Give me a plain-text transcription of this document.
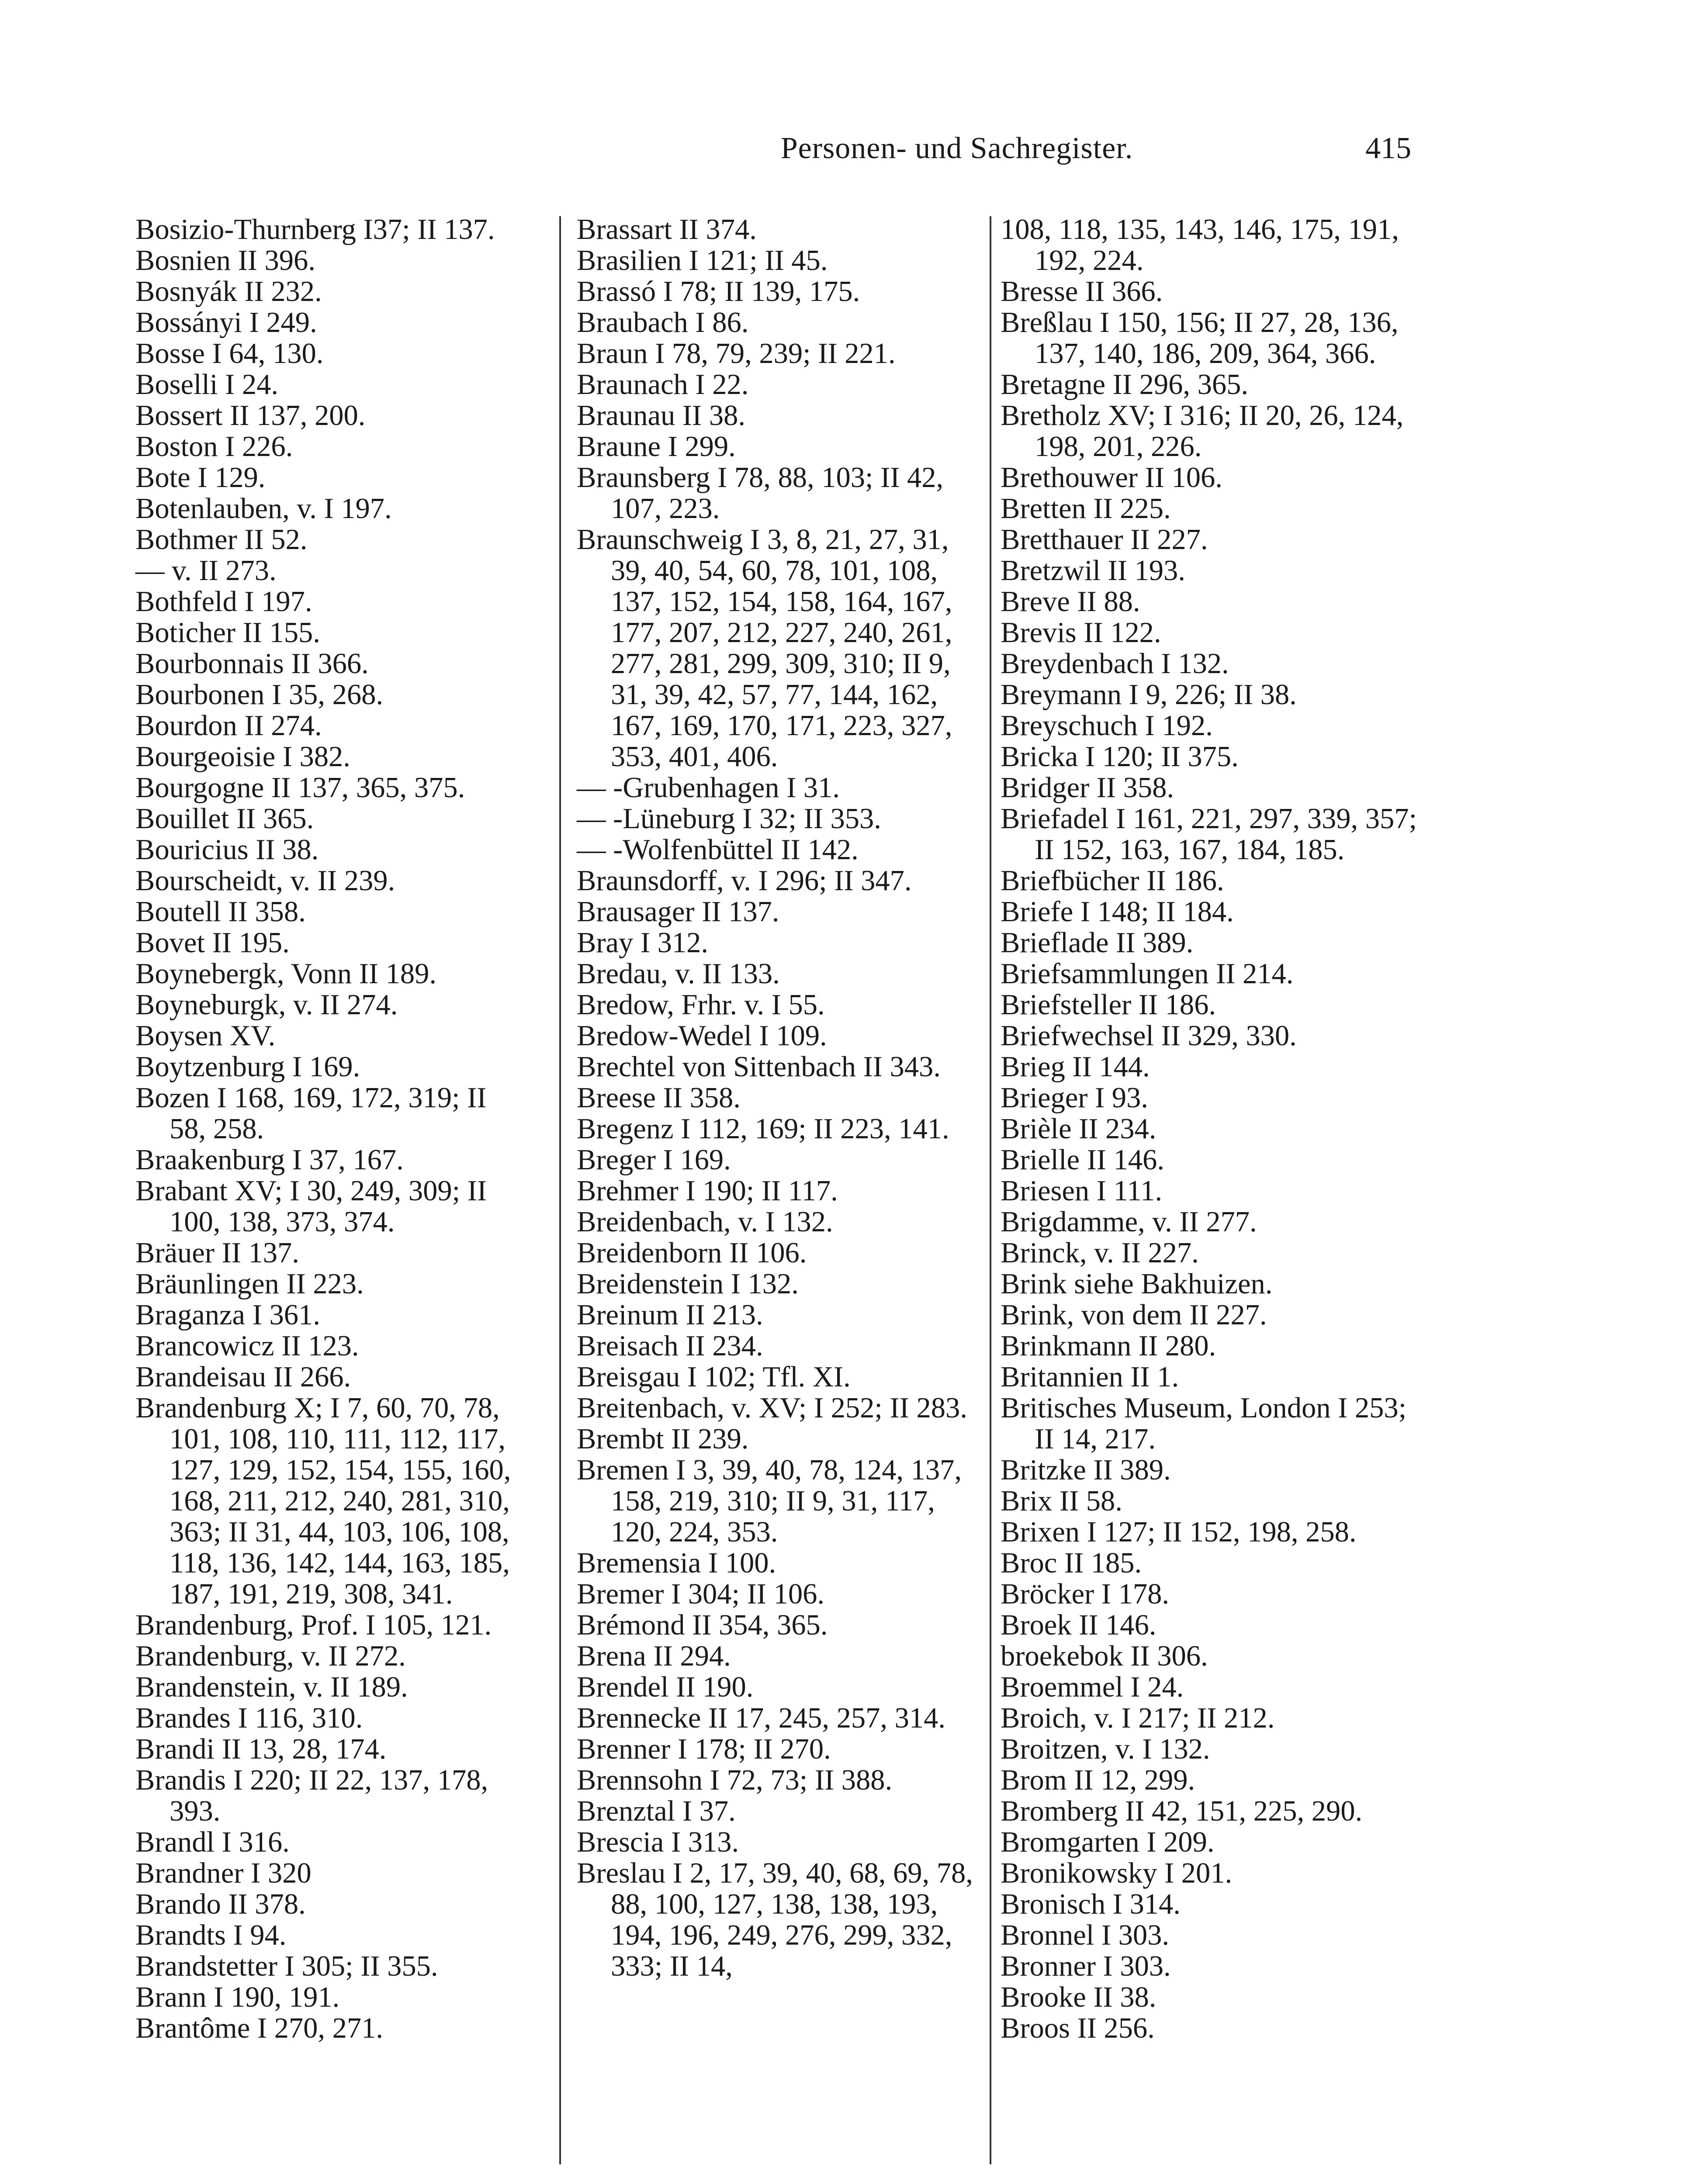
Personen- und Sachregister.	415
Bosizio-Thurnberg I37; II 137.
Bosnien II 396.
Bosnyák II 232.
Bossányi I 249.
Bosse I 64, 130.
Boselli I 24.
Bossert II 137, 200.
Boston I 226.
Bote I 129.
Botenlauben, v. I 197.
Bothmer II 52.
— v. II 273.
Bothfeld I 197.
Boticher II 155.
Bourbonnais II 366.
Bourbonen I 35, 268.
Bourdon II 274.
Bourgeoisie I 382.
Bourgogne II 137, 365, 375.
Bouillet II 365.
Bouricius II 38.
Bourscheidt, v. II 239.
Boutell II 358.
Bovet II 195.
Boynebergk, Vonn II 189.
Boyneburgk, v. II 274.
Boysen XV.
Boytzenburg I 169.
Bozen I 168, 169, 172, 319; II 58, 258.
Braakenburg I 37, 167.
Brabant XV; I 30, 249, 309; II 100, 138, 373, 374.
Bräuer II 137.
Bräunlingen II 223.
Braganza I 361.
Brancowicz II 123.
Brandeisau II 266.
Brandenburg X; I 7, 60, 70, 78, 101, 108, 110, 111, 112, 117, 127, 129, 152, 154, 155, 160, 168, 211, 212, 240, 281, 310, 363; II 31, 44, 103, 106, 108, 118, 136, 142, 144, 163, 185, 187, 191, 219, 308, 341.
Brandenburg, Prof. I 105, 121.
Brandenburg, v. II 272.
Brandenstein, v. II 189.
Brandes I 116, 310.
Brandi II 13, 28, 174.
Brandis I 220; II 22, 137, 178, 393.
Brandl I 316.
Brandner I 320
Brando II 378.
Brandts I 94.
Brandstetter I 305; II 355.
Brann I 190, 191.
Brantôme I 270, 271.
Brassart II 374.
Brasilien I 121; II 45.
Brassó I 78; II 139, 175.
Braubach I 86.
Braun I 78, 79, 239; II 221.
Braunach I 22.
Braunau II 38.
Braune I 299.
Braunsberg I 78, 88, 103; II 42, 107, 223.
Braunschweig I 3, 8, 21, 27, 31, 39, 40, 54, 60, 78, 101, 108, 137, 152, 154, 158, 164, 167, 177, 207, 212, 227, 240, 261, 277, 281, 299, 309, 310; II 9, 31, 39, 42, 57, 77, 144, 162, 167, 169, 170, 171, 223, 327, 353, 401, 406.
— -Grubenhagen I 31.
— -Lüneburg I 32; II 353.
— -Wolfenbüttel II 142.
Braunsdorff, v. I 296; II 347.
Brausager II 137.
Bray I 312.
Bredau, v. II 133.
Bredow, Frhr. v. I 55.
Bredow-Wedel I 109.
Brechtel von Sittenbach II 343.
Breese II 358.
Bregenz I 112, 169; II 223, 141.
Breger I 169.
Brehmer I 190; II 117.
Breidenbach, v. I 132.
Breidenborn II 106.
Breidenstein I 132.
Breinum II 213.
Breisach II 234.
Breisgau I 102; Tfl. XI.
Breitenbach, v. XV; I 252; II 283.
Brembt II 239.
Bremen I 3, 39, 40, 78, 124, 137, 158, 219, 310; II 9, 31, 117, 120, 224, 353.
Bremensia I 100.
Bremer I 304; II 106.
Brémond II 354, 365.
Brena II 294.
Brendel II 190.
Brennecke II 17, 245, 257, 314.
Brenner I 178; II 270.
Brennsohn I 72, 73; II 388.
Brenztal I 37.
Brescia I 313.
Breslau I 2, 17, 39, 40, 68, 69, 78, 88, 100, 127, 138, 138, 193, 194, 196, 249, 276, 299, 332, 333; II 14,
108, 118, 135, 143, 146, 175, 191, 192, 224.
Bresse II 366.
Breßlau I 150, 156; II 27, 28, 136, 137, 140, 186, 209, 364, 366.
Bretagne II 296, 365.
Bretholz XV; I 316; II 20, 26, 124, 198, 201, 226.
Brethouwer II 106.
Bretten II 225.
Bretthauer II 227.
Bretzwil II 193.
Breve II 88.
Brevis II 122.
Breydenbach I 132.
Breymann I 9, 226; II 38.
Breyschuch I 192.
Bricka I 120; II 375.
Bridger II 358.
Briefadel I 161, 221, 297, 339, 357; II 152, 163, 167, 184, 185.
Briefbücher II 186.
Briefe I 148; II 184.
Brieflade II 389.
Briefsammlungen II 214.
Briefsteller II 186.
Briefwechsel II 329, 330.
Brieg II 144.
Brieger I 93.
Brièle II 234.
Brielle II 146.
Briesen I 111.
Brigdamme, v. II 277.
Brinck, v. II 227.
Brink siehe Bakhuizen.
Brink, von dem II 227.
Brinkmann II 280.
Britannien II 1.
Britisches Museum, London I 253; II 14, 217.
Britzke II 389.
Brix II 58.
Brixen I 127; II 152, 198, 258.
Broc II 185.
Bröcker I 178.
Broek II 146.
broekebok II 306.
Broemmel I 24.
Broich, v. I 217; II 212.
Broitzen, v. I 132.
Brom II 12, 299.
Bromberg II 42, 151, 225, 290.
Bromgarten I 209.
Bronikowsky I 201.
Bronisch I 314.
Bronnel I 303.
Bronner I 303.
Brooke II 38.
Broos II 256.
